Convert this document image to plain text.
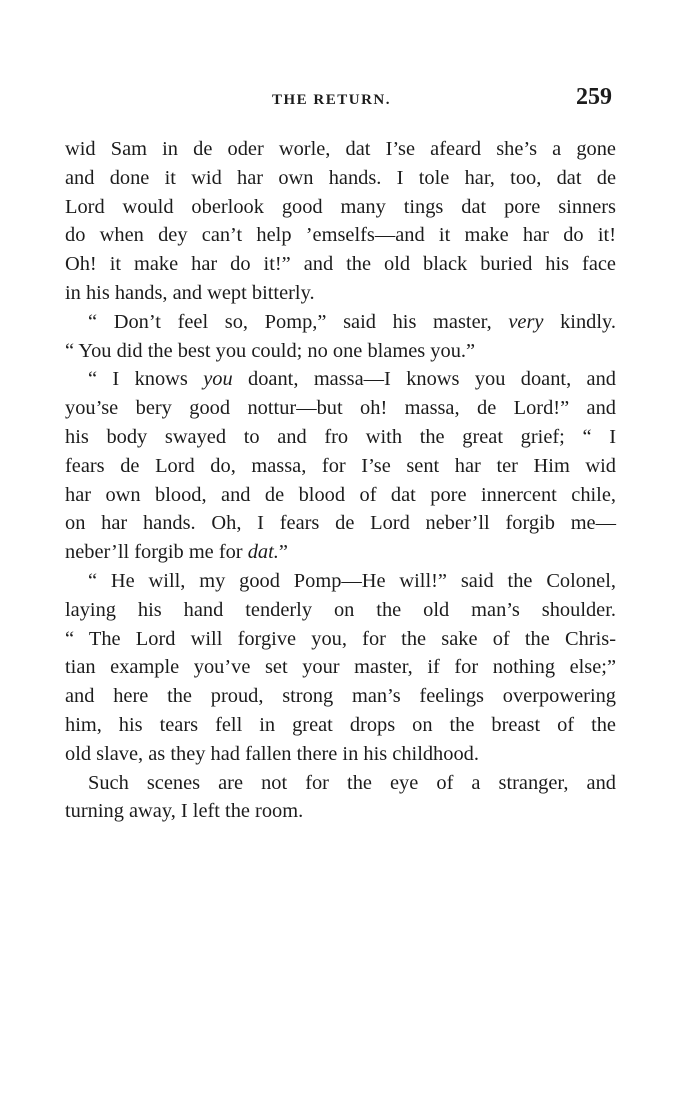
THE RETURN.	259
wid Sam in de oder worle, dat I’se afeard she’s a gone
and done it wid har own hands. I tole har, too, dat de
Lord would oberlook good many tings dat pore sinners
do when dey can’t help ’emselfs—and it make har do it!
Oh! it make har do it!” and the old black buried his face
in his hands, and wept bitterly.
“ Don’t feel so, Pomp,” said his master, very kindly.
“ You did the best you could; no one blames you.”
“ I knows you doant, massa—I knows you doant, and
you’se bery good nottur—but oh! massa, de Lord!” and
his body swayed to and fro with the great grief; “ I
fears de Lord do, massa, for I’se sent har ter Him wid
har own blood, and de blood of dat pore innercent chile,
on har hands. Oh, I fears de Lord neber’ll forgib me—
neber’ll forgib me for dat.”
“ He will, my good Pomp—He will!” said the Colonel,
laying his hand tenderly on the old man’s shoulder.
“ The Lord will forgive you, for the sake of the Chris-
tian example you’ve set your master, if for nothing else;”
and here the proud, strong man’s feelings overpowering
him, his tears fell in great drops on the breast of the
old slave, as they had fallen there in his childhood.
Such scenes are not for the eye of a stranger, and
turning away, I left the room.
